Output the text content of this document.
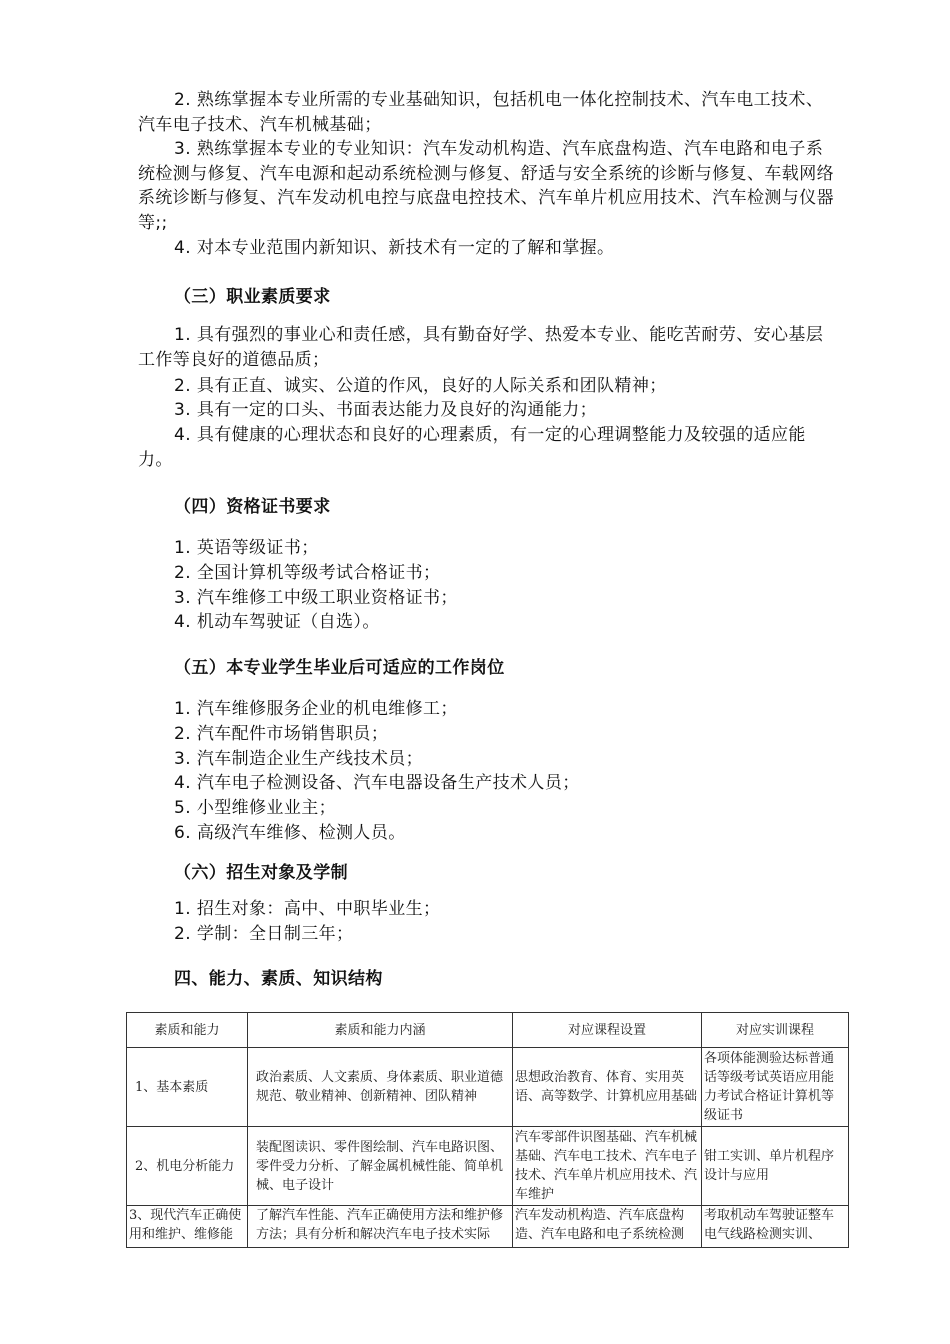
2. 熟练掌握本专业所需的专业基础知识，包括机电一体化控制技术、汽车电工技术、汽车电子技术、汽车机械基础；

3. 熟练掌握本专业的专业知识：汽车发动机构造、汽车底盘构造、汽车电路和电子系统检测与修复、汽车电源和起动系统检测与修复、舒适与安全系统的诊断与修复、车载网络系统诊断与修复、汽车发动机电控与底盘电控技术、汽车单片机应用技术、汽车检测与仪器等;;

4. 对本专业范围内新知识、新技术有一定的了解和掌握。

（三）职业素质要求

1. 具有强烈的事业心和责任感，具有勤奋好学、热爱本专业、能吃苦耐劳、安心基层工作等良好的道德品质；

2. 具有正直、诚实、公道的作风，良好的人际关系和团队精神；

3. 具有一定的口头、书面表达能力及良好的沟通能力；

4. 具有健康的心理状态和良好的心理素质，有一定的心理调整能力及较强的适应能力。

（四）资格证书要求

1. 英语等级证书；

2. 全国计算机等级考试合格证书；

3. 汽车维修工中级工职业资格证书；

4. 机动车驾驶证（自选）。

（五）本专业学生毕业后可适应的工作岗位

1. 汽车维修服务企业的机电维修工；

2. 汽车配件市场销售职员；

3. 汽车制造企业生产线技术员；

4. 汽车电子检测设备、汽车电器设备生产技术人员；

5. 小型维修业业主；

6. 高级汽车维修、检测人员。

（六）招生对象及学制

1. 招生对象：高中、中职毕业生；

2. 学制：全日制三年；

四、能力、素质、知识结构
素质和能力	素质和能力内涵	对应课程设置	对应实训课程
1、基本素质	政治素质、人文素质、身体素质、职业道德规范、敬业精神、创新精神、团队精神	思想政治教育、体育、实用英语、高等数学、计算机应用基础	各项体能测验达标普通话等级考试英语应用能力考试合格证计算机等级证书
2、机电分析能力	装配图读识、零件图绘制、汽车电路识图、零件受力分析、了解金属机械性能、简单机械、电子设计	汽车零部件识图基础、汽车机械基础、汽车电工技术、汽车电子技术、汽车单片机应用技术、汽车维护	钳工实训、单片机程序设计与应用

3、现代汽车正确使用和维护、维修能	了解汽车性能、汽车正确使用方法和维护修方法；具有分析和解决汽车电子技术实际	汽车发动机构造、汽车底盘构造、汽车电路和电子系统检测	考取机动车驾驶证整车电气线路检测实训、
